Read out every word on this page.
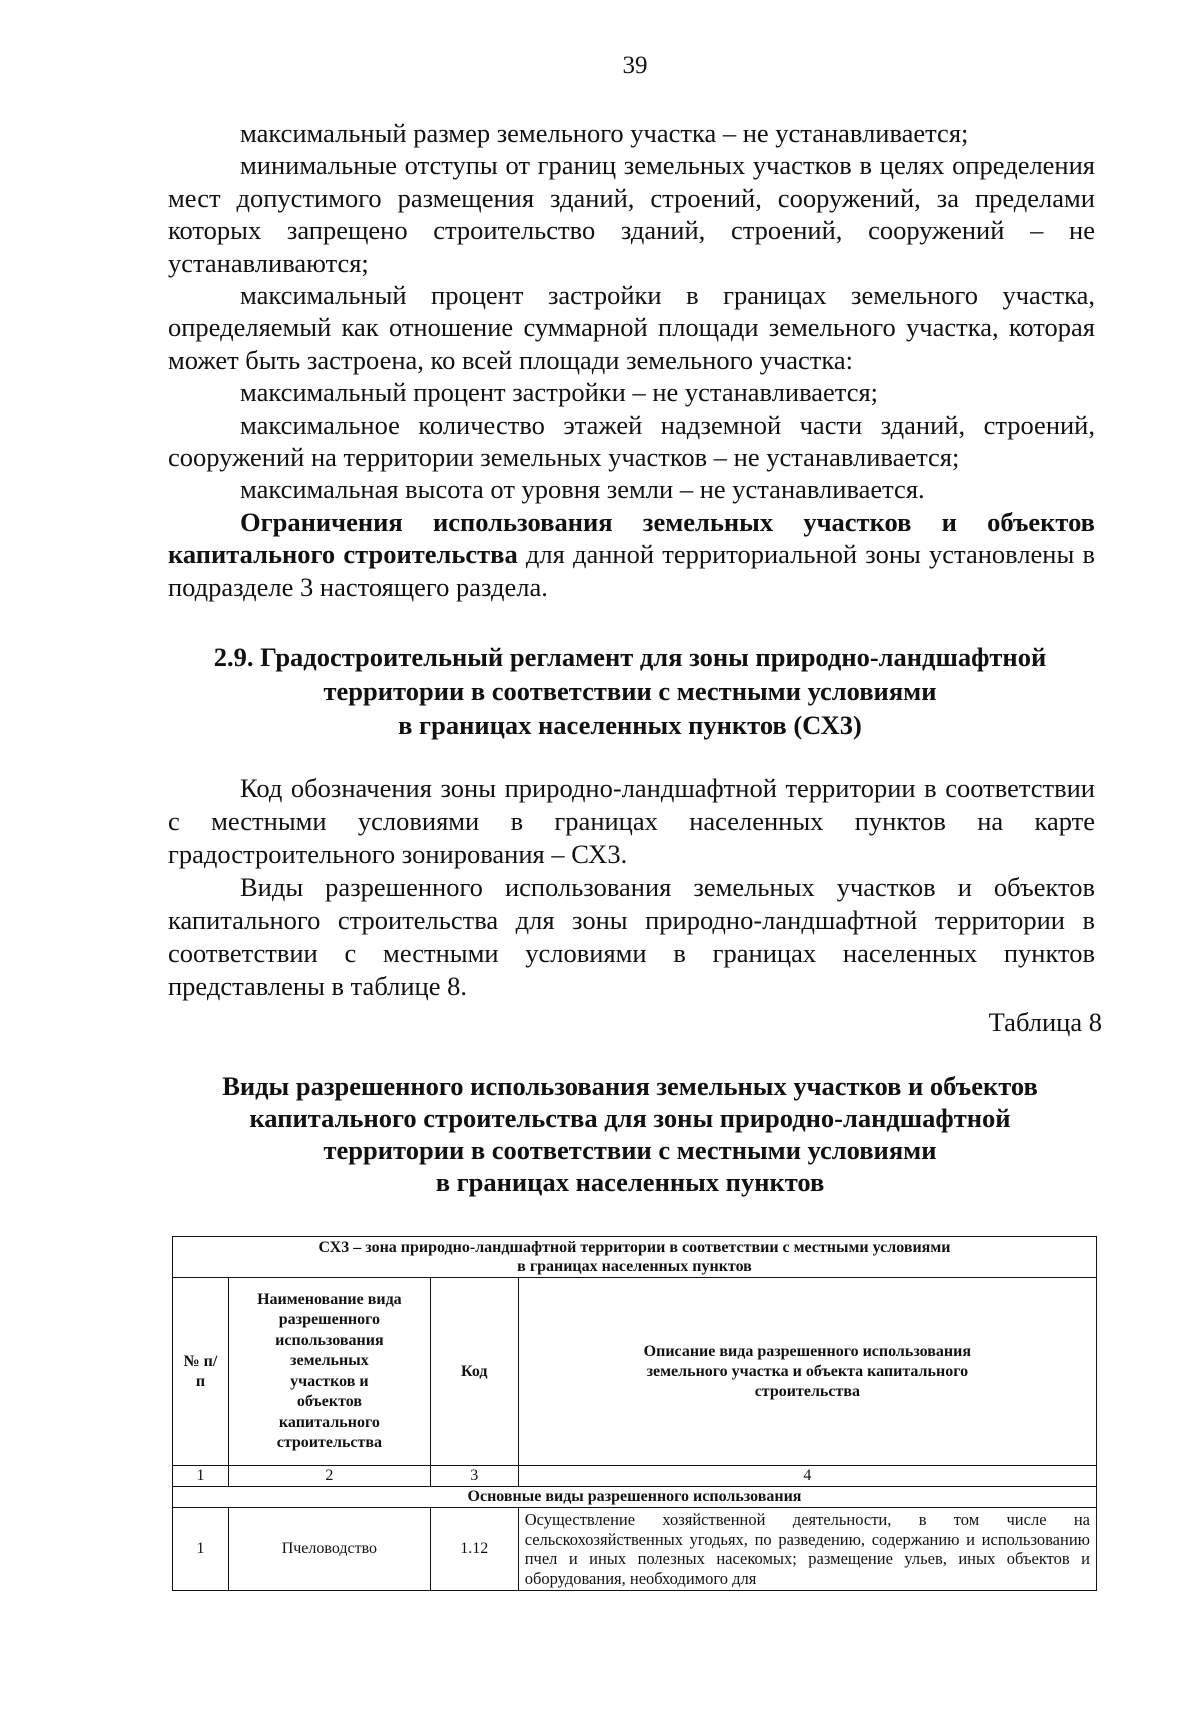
39

максимальный размер земельного участка – не устанавливается;

минимальные отступы от границ земельных участков в целях определения мест допустимого размещения зданий, строений, сооружений, за пределами которых запрещено строительство зданий, строений, сооружений – не устанавливаются;

максимальный процент застройки в границах земельного участка, определяемый как отношение суммарной площади земельного участка, которая может быть застроена, ко всей площади земельного участка:

максимальный процент застройки – не устанавливается;

максимальное количество этажей надземной части зданий, строений, сооружений на территории земельных участков – не устанавливается;

максимальная высота от уровня земли – не устанавливается.

Ограничения использования земельных участков и объектов капитального строительства для данной территориальной зоны установлены в подразделе 3 настоящего раздела.

2.9. Градостроительный регламент для зоны природно-ландшафтной
территории в соответствии с местными условиями
в границах населенных пунктов (СХ3)

Код обозначения зоны природно-ландшафтной территории в соответствии с местными условиями в границах населенных пунктов на карте градостроительного зонирования – СХ3.

Виды разрешенного использования земельных участков и объектов капитального строительства для зоны природно-ландшафтной территории в соответствии с местными условиями в границах населенных пунктов представлены в таблице 8.

Таблица 8
Виды разрешенного использования земельных участков и объектов
капитального строительства для зоны природно-ландшафтной
территории в соответствии с местными условиями
в границах населенных пунктов
СХ3 – зона природно-ландшафтной территории в соответствии с местными условиями
в границах населенных пунктов			

№ п/п	Наименование вида разрешенного использования земельных участков и объектов капитального строительства	Код	Описание вида разрешенного использования земельного участка и объекта капитального строительства
1	2	3	4
Основные виды разрешенного использования			
1	Пчеловодство	1.12	Осуществление хозяйственной деятельности, в том числе на сельскохозяйственных угодьях, по разведению, содержанию и использованию пчел и иных полезных насекомых; размещение ульев, иных объектов и оборудования, необходимого для
